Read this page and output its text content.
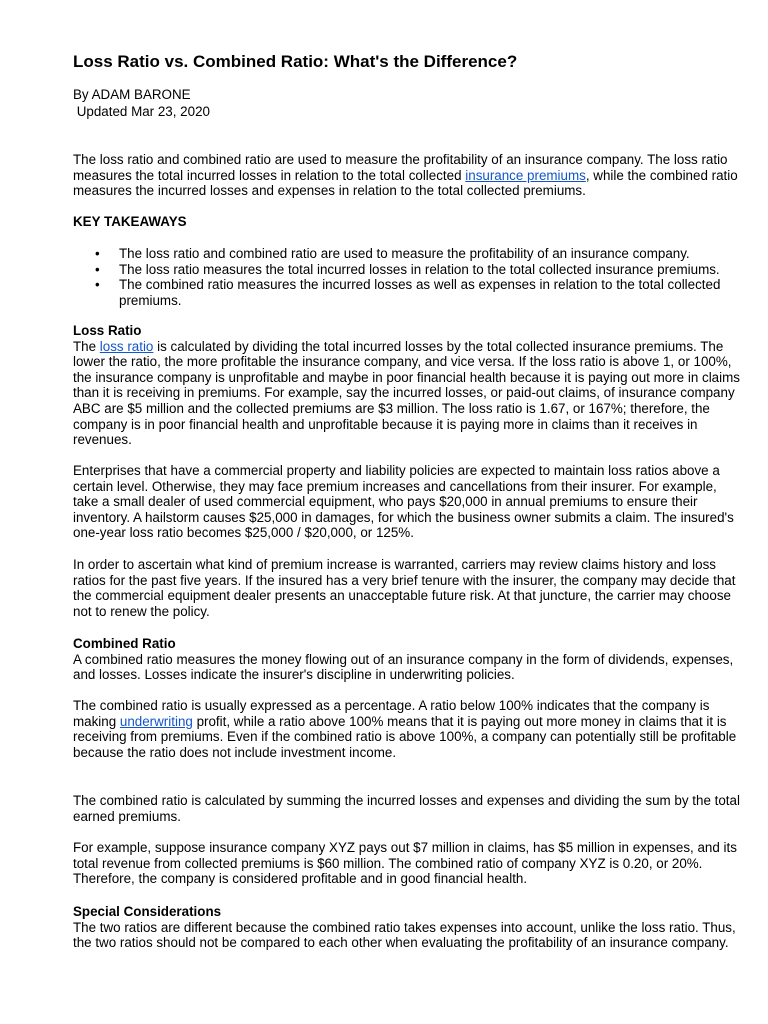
Loss Ratio vs. Combined Ratio: What's the Difference?
By ADAM BARONE
Updated Mar 23, 2020
The loss ratio and combined ratio are used to measure the profitability of an insurance company. The loss ratio measures the total incurred losses in relation to the total collected insurance premiums, while the combined ratio measures the incurred losses and expenses in relation to the total collected premiums.
KEY TAKEAWAYS
• The loss ratio and combined ratio are used to measure the profitability of an insurance company.
• The loss ratio measures the total incurred losses in relation to the total collected insurance premiums.
• The combined ratio measures the incurred losses as well as expenses in relation to the total collected premiums.
Loss Ratio

The loss ratio is calculated by dividing the total incurred losses by the total collected insurance premiums. The lower the ratio, the more profitable the insurance company, and vice versa. If the loss ratio is above 1, or 100%, the insurance company is unprofitable and maybe in poor financial health because it is paying out more in claims than it is receiving in premiums. For example, say the incurred losses, or paid-out claims, of insurance company ABC are $5 million and the collected premiums are $3 million. The loss ratio is 1.67, or 167%; therefore, the company is in poor financial health and unprofitable because it is paying more in claims than it receives in revenues.

Enterprises that have a commercial property and liability policies are expected to maintain loss ratios above a certain level. Otherwise, they may face premium increases and cancellations from their insurer. For example, take a small dealer of used commercial equipment, who pays $20,000 in annual premiums to ensure their inventory. A hailstorm causes $25,000 in damages, for which the business owner submits a claim. The insured's one-year loss ratio becomes $25,000 / $20,000, or 125%.
In order to ascertain what kind of premium increase is warranted, carriers may review claims history and loss ratios for the past five years. If the insured has a very brief tenure with the insurer, the company may decide that the commercial equipment dealer presents an unacceptable future risk. At that juncture, the carrier may choose not to renew the policy.
Combined Ratio

A combined ratio measures the money flowing out of an insurance company in the form of dividends, expenses, and losses. Losses indicate the insurer's discipline in underwriting policies.

The combined ratio is usually expressed as a percentage. A ratio below 100% indicates that the company is making underwriting profit, while a ratio above 100% means that it is paying out more money in claims that it is receiving from premiums. Even if the combined ratio is above 100%, a company can potentially still be profitable because the ratio does not include investment income.
The combined ratio is calculated by summing the incurred losses and expenses and dividing the sum by the total earned premiums.
For example, suppose insurance company XYZ pays out $7 million in claims, has $5 million in expenses, and its total revenue from collected premiums is $60 million. The combined ratio of company XYZ is 0.20, or 20%. Therefore, the company is considered profitable and in good financial health.
Special Considerations

The two ratios are different because the combined ratio takes expenses into account, unlike the loss ratio. Thus, the two ratios should not be compared to each other when evaluating the profitability of an insurance company.
